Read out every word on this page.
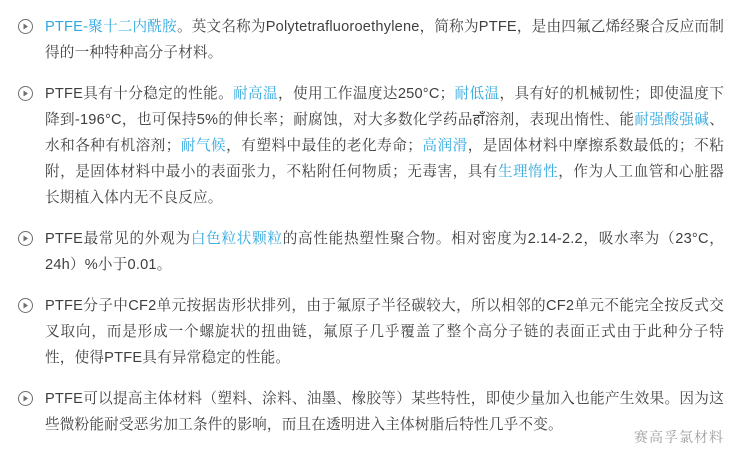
PTFE-聚十二内酰胺。英文名称为Polytetrafluoroethylene，简称为PTFE，是由四氟乙烯经聚合反应而制得的一种特种高分子材料。
PTFE具有十分稳定的性能。耐高温，使用工作温度达250°C；耐低温，具有好的机械韧性；即使温度下降到-196°C，也可保持5%的伸长率；耐腐蚀，对大多数化学药品हाँ溶剂，表现出惰性、能耐强酸强碱、水和各种有机溶剂；耐气候，有塑料中最佳的老化寿命；高润滑，是固体材料中摩擦系数最低的；不粘附，是固体材料中最小的表面张力，不粘附任何物质；无毒害，具有生理惰性，作为人工血管和心脏器长期植入体内无不良反应。
PTFE最常见的外观为白色粒状颗粒的高性能热塑性聚合物。相对密度为2.14-2.2，吸水率为（23°C，24h）%小于0.01。
PTFE分子中CF2单元按据齿形状排列，由于氟原子半径碳较大，所以相邻的CF2单元不能完全按反式交叉取向，而是形成一个螺旋状的扭曲链，氟原子几乎覆盖了整个高分子链的表面正式由于此种分子特性，使得PTFE具有异常稳定的性能。
PTFE可以提高主体材料（塑料、涂料、油墨、橡胶等）某些特性，即使少量加入也能产生效果。因为这些微粉能耐受恶劣加工条件的影响，而且在透明进入主体树脂后特性几乎不变。
赛高孚氯材料
